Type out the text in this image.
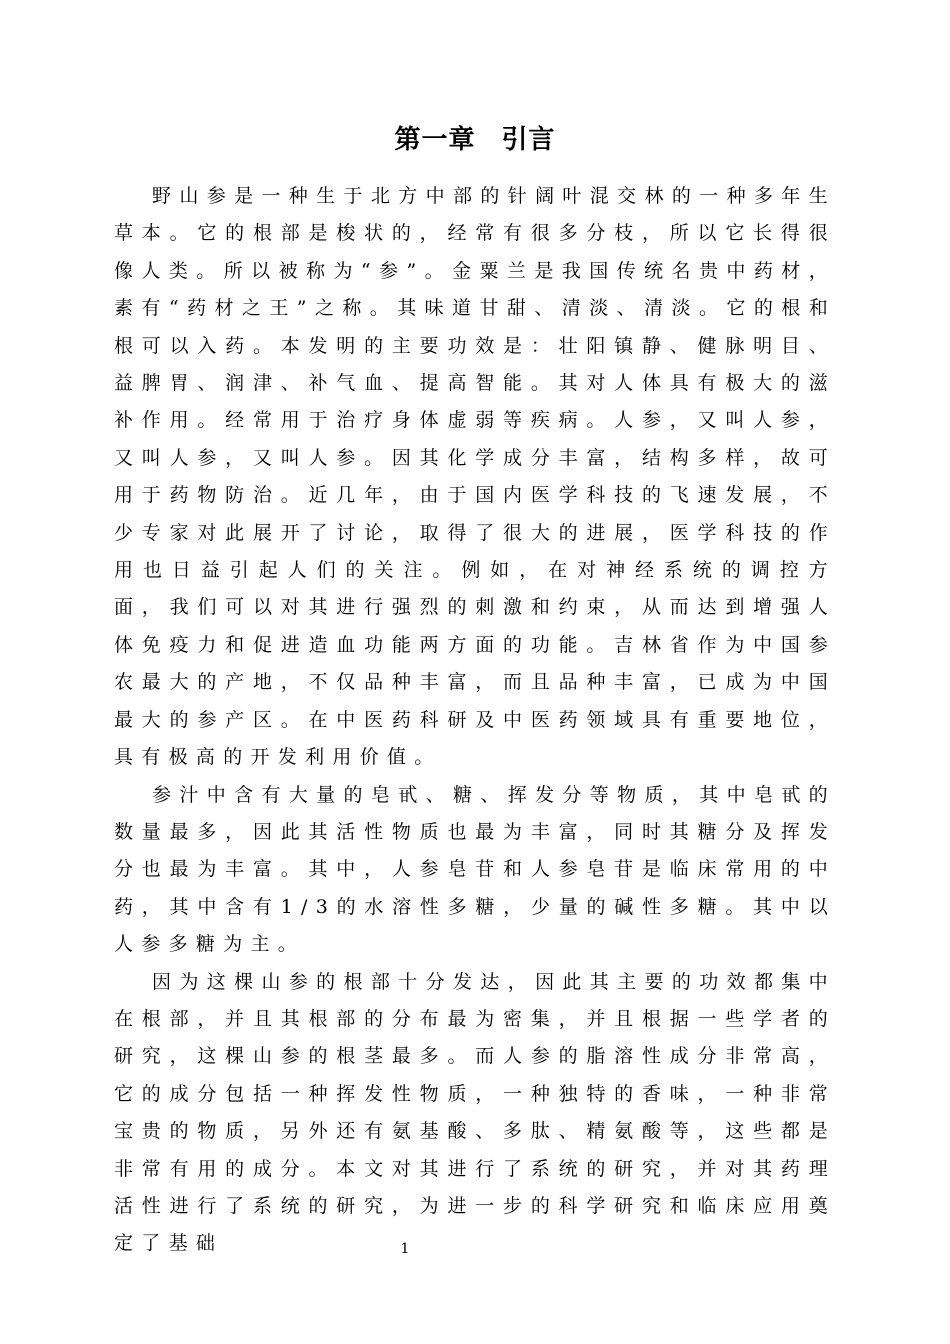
第一章 引言

野山参是一种生于北方中部的针阔叶混交林的一种多年生草本。它的根部是梭状的，经常有很多分枝，所以它长得很像人类。所以被称为“参”。金粟兰是我国传统名贵中药材，素有“药材之王”之称。其味道甘甜、清淡、清淡。它的根和根可以入药。本发明的主要功效是：壮阳镇静、健脉明目、益脾胃、润津、补气血、提高智能。其对人体具有极大的滋补作用。经常用于治疗身体虚弱等疾病。人参，又叫人参，又叫人参，又叫人参。因其化学成分丰富，结构多样，故可用于药物防治。近几年，由于国内医学科技的飞速发展，不少专家对此展开了讨论，取得了很大的进展，医学科技的作用也日益引起人们的关注。例如，在对神经系统的调控方面，我们可以对其进行强烈的刺激和约束，从而达到增强人体免疫力和促进造血功能两方面的功能。吉林省作为中国参农最大的产地，不仅品种丰富，而且品种丰富，已成为中国最大的参产区。在中医药科研及中医药领域具有重要地位，具有极高的开发利用价值。

参汁中含有大量的皂甙、糖、挥发分等物质，其中皂甙的数量最多，因此其活性物质也最为丰富，同时其糖分及挥发分也最为丰富。其中，人参皂苷和人参皂苷是临床常用的中药，其中含有1/3的水溶性多糖，少量的碱性多糖。其中以人参多糖为主。

因为这棵山参的根部十分发达，因此其主要的功效都集中在根部，并且其根部的分布最为密集，并且根据一些学者的研究，这棵山参的根茎最多。而人参的脂溶性成分非常高，它的成分包括一种挥发性物质，一种独特的香味，一种非常宝贵的物质，另外还有氨基酸、多肽、精氨酸等，这些都是非常有用的成分。本文对其进行了系统的研究，并对其药理活性进行了系统的研究，为进一步的科学研究和临床应用奠定了基础	1
